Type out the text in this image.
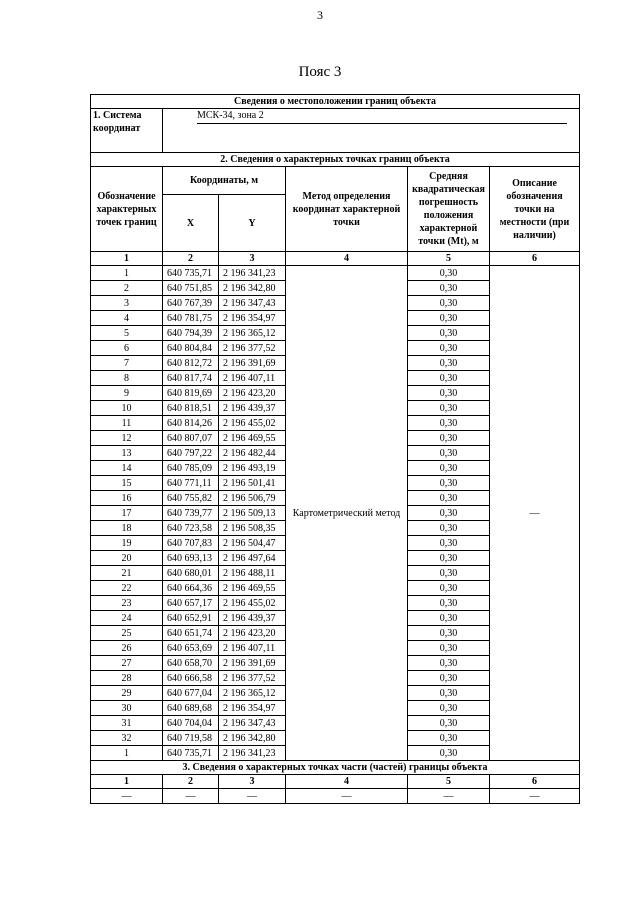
3
Пояс 3
Сведения о местоположении границ объекта					
1. Система координат	МСК-34, зона 2				

2. Сведения о характерных точках границ объекта					
Обозначение характерных точек границ	Координаты, м		Метод определения координат характерной точки	Средняя квадратическая погрешность положения характерной точки (Mt), м	Описание обозначения точки на местности (при наличии)
	X	Y			
1	2	3	4	5	6
1	640 735,71	2 196 341,23	Картометрический метод	0,30	—
2	640 751,85	2 196 342,80		0,30	
3	640 767,39	2 196 347,43		0,30	
4	640 781,75	2 196 354,97		0,30	
5	640 794,39	2 196 365,12		0,30	
6	640 804,84	2 196 377,52		0,30	
7	640 812,72	2 196 391,69		0,30	
8	640 817,74	2 196 407,11		0,30	
9	640 819,69	2 196 423,20		0,30	
10	640 818,51	2 196 439,37		0,30	
11	640 814,26	2 196 455,02		0,30	
12	640 807,07	2 196 469,55		0,30	
13	640 797,22	2 196 482,44		0,30	
14	640 785,09	2 196 493,19		0,30	
15	640 771,11	2 196 501,41		0,30	
16	640 755,82	2 196 506,79		0,30	
17	640 739,77	2 196 509,13		0,30	
18	640 723,58	2 196 508,35		0,30	
19	640 707,83	2 196 504,47		0,30	
20	640 693,13	2 196 497,64		0,30	
21	640 680,01	2 196 488,11		0,30	
22	640 664,36	2 196 469,55		0,30	
23	640 657,17	2 196 455,02		0,30	
24	640 652,91	2 196 439,37		0,30	
25	640 651,74	2 196 423,20		0,30	
26	640 653,69	2 196 407,11		0,30	
27	640 658,70	2 196 391,69		0,30	
28	640 666,58	2 196 377,52		0,30	
29	640 677,04	2 196 365,12		0,30	
30	640 689,68	2 196 354,97		0,30	
31	640 704,04	2 196 347,43		0,30	
32	640 719,58	2 196 342,80		0,30	
1	640 735,71	2 196 341,23		0,30	
3. Сведения о характерных точках части (частей) границы объекта					
1	2	3	4	5	6
—	—	—	—	—	—
